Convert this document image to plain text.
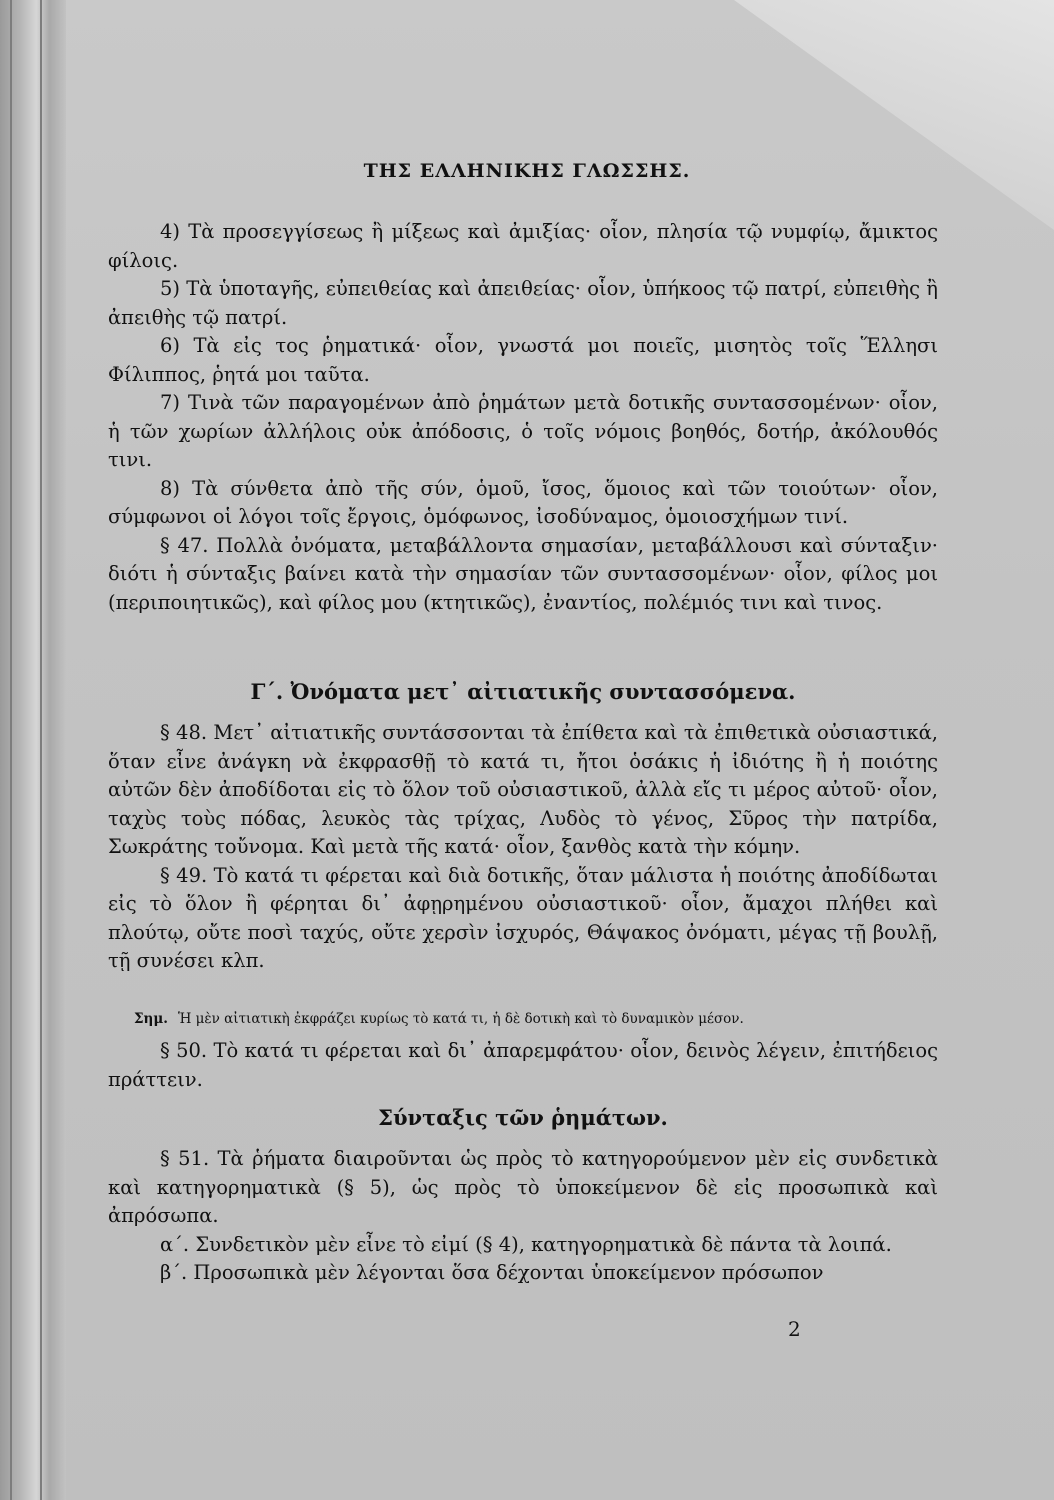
ΤΗΣ ΕΛΛΗΝΙΚΗΣ ΓΛΩΣΣΗΣ.

4) Τὰ προσεγγίσεως ἢ μίξεως καὶ ἀμιξίας· οἷον, πλησία τῷ νυμφίῳ, ἄμικτος φίλοις.

5) Τὰ ὑποταγῆς, εὐπειθείας καὶ ἀπειθείας· οἷον, ὑπήκοος τῷ πατρί, εὐπειθὴς ἢ ἀπειθὴς τῷ πατρί.

6) Τὰ εἰς τος ῥηματικά· οἷον, γνωστά μοι ποιεῖς, μισητὸς τοῖς Ἕλλησι Φίλιππος, ῥητά μοι ταῦτα.

7) Τινὰ τῶν παραγομένων ἀπὸ ῥημάτων μετὰ δοτικῆς συντασσομένων· οἷον, ἡ τῶν χωρίων ἀλλήλοις οὐκ ἀπόδοσις, ὁ τοῖς νόμοις βοηθός, δοτήρ, ἀκόλουθός τινι.

8) Τὰ σύνθετα ἀπὸ τῆς σύν, ὁμοῦ, ἴσος, ὅμοιος καὶ τῶν τοιούτων· οἷον, σύμφωνοι οἱ λόγοι τοῖς ἔργοις, ὁμόφωνος, ἰσοδύναμος, ὁμοιοσχήμων τινί.

§ 47. Πολλὰ ὀνόματα, μεταβάλλοντα σημασίαν, μεταβάλλουσι καὶ σύνταξιν· διότι ἡ σύνταξις βαίνει κατὰ τὴν σημασίαν τῶν συντασσομένων· οἷον, φίλος μοι (περιποιητικῶς), καὶ φίλος μου (κτητικῶς), ἐναντίος, πολέμιός τινι καὶ τινος.

Γ΄. Ὀνόματα μετ᾽ αἰτιατικῆς συντασσόμενα.

§ 48. Μετ᾽ αἰτιατικῆς συντάσσονται τὰ ἐπίθετα καὶ τὰ ἐπιθετικὰ οὐσιαστικά, ὅταν εἶνε ἀνάγκη νὰ ἐκφρασθῇ τὸ κατά τι, ἤτοι ὁσάκις ἡ ἰδιότης ἢ ἡ ποιότης αὐτῶν δὲν ἀποδίδοται εἰς τὸ ὅλον τοῦ οὐσιαστικοῦ, ἀλλὰ εἴς τι μέρος αὐτοῦ· οἷον, ταχὺς τοὺς πόδας, λευκὸς τὰς τρίχας, Λυδὸς τὸ γένος, Σῦρος τὴν πατρίδα, Σωκράτης τοὔνομα. Καὶ μετὰ τῆς κατά· οἷον, ξανθὸς κατὰ τὴν κόμην.

§ 49. Τὸ κατά τι φέρεται καὶ διὰ δοτικῆς, ὅταν μάλιστα ἡ ποιότης ἀποδίδωται εἰς τὸ ὅλον ἢ φέρηται δι᾽ ἀφῃρημένου οὐσιαστικοῦ· οἷον, ἄμαχοι πλήθει καὶ πλούτῳ, οὔτε ποσὶ ταχύς, οὔτε χερσὶν ἰσχυρός, Θάψακος ὀνόματι, μέγας τῇ βουλῇ, τῇ συνέσει κλπ.

Σημ. Ἡ μὲν αἰτιατικὴ ἐκφράζει κυρίως τὸ κατά τι, ἡ δὲ δοτικὴ καὶ τὸ δυναμικὸν μέσον.

§ 50. Τὸ κατά τι φέρεται καὶ δι᾽ ἀπαρεμφάτου· οἷον, δεινὸς λέγειν, ἐπιτήδειος πράττειν.

Σύνταξις τῶν ῥημάτων.

§ 51. Τὰ ῥήματα διαιροῦνται ὡς πρὸς τὸ κατηγορούμενον μὲν εἰς συνδετικὰ καὶ κατηγορηματικὰ (§ 5), ὡς πρὸς τὸ ὑποκείμενον δὲ εἰς προσωπικὰ καὶ ἀπρόσωπα.

α΄. Συνδετικὸν μὲν εἶνε τὸ εἰμί (§ 4), κατηγορηματικὰ δὲ πάντα τὰ λοιπά.

β΄. Προσωπικὰ μὲν λέγονται ὅσα δέχονται ὑποκείμενον πρόσωπον

2
